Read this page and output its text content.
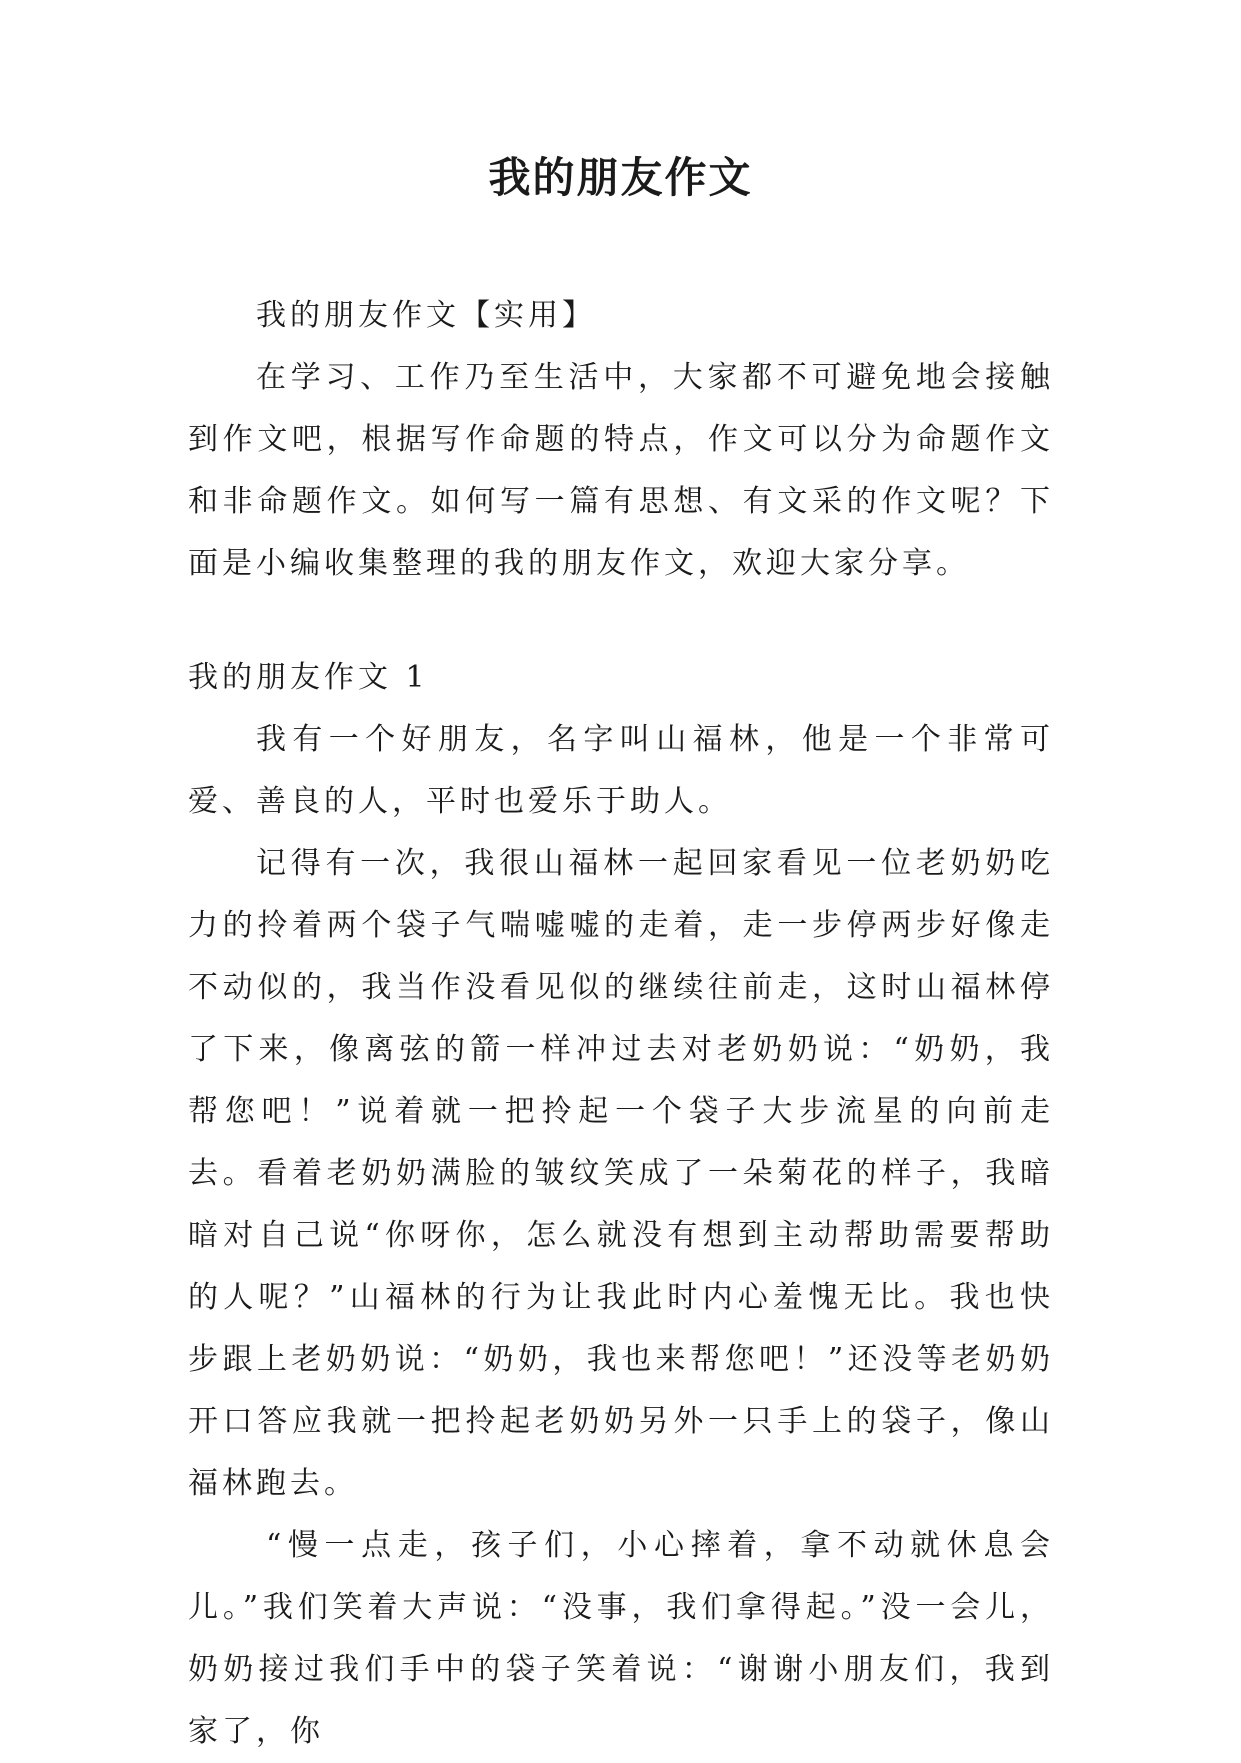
我的朋友作文

我的朋友作文【实用】

在学习、工作乃至生活中，大家都不可避免地会接触到作文吧，根据写作命题的特点，作文可以分为命题作文和非命题作文。如何写一篇有思想、有文采的作文呢？下面是小编收集整理的我的朋友作文，欢迎大家分享。

我的朋友作文 1

我有一个好朋友，名字叫山福林，他是一个非常可爱、善良的人，平时也爱乐于助人。

记得有一次，我很山福林一起回家看见一位老奶奶吃力的拎着两个袋子气喘嘘嘘的走着，走一步停两步好像走不动似的，我当作没看见似的继续往前走，这时山福林停了下来，像离弦的箭一样冲过去对老奶奶说：“奶奶，我帮您吧！”说着就一把拎起一个袋子大步流星的向前走去。看着老奶奶满脸的皱纹笑成了一朵菊花的样子，我暗暗对自己说“你呀你，怎么就没有想到主动帮助需要帮助的人呢？”山福林的行为让我此时内心羞愧无比。我也快步跟上老奶奶说：“奶奶，我也来帮您吧！”还没等老奶奶开口答应我就一把拎起老奶奶另外一只手上的袋子，像山福林跑去。

“慢一点走，孩子们，小心摔着，拿不动就休息会儿。”我们笑着大声说：“没事，我们拿得起。”没一会儿，奶奶接过我们手中的袋子笑着说：“谢谢小朋友们，我到家了，你
